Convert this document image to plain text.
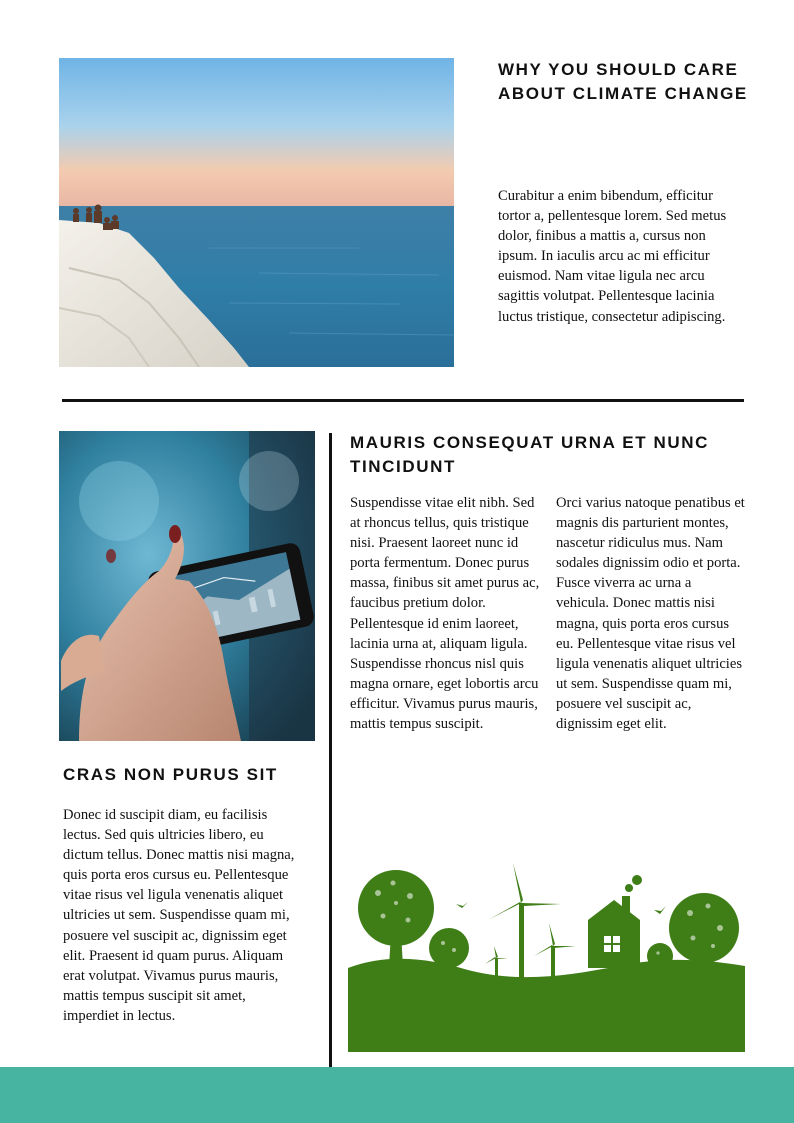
WHY YOU SHOULD CARE ABOUT CLIMATE CHANGE

Curabitur a enim bibendum, efficitur tortor a, pellentesque lorem. Sed metus dolor, finibus a mattis a, cursus non ipsum. In iaculis arcu ac mi efficitur euismod. Nam vitae ligula nec arcu sagittis volutpat. Pellentesque lacinia luctus tristique, consectetur adipiscing.

MAURIS CONSEQUAT URNA ET NUNC TINCIDUNT

Suspendisse vitae elit nibh. Sed at rhoncus tellus, quis tristique nisi. Praesent laoreet nunc id porta fermentum. Donec purus massa, finibus sit amet purus ac, faucibus pretium dolor. Pellentesque id enim laoreet, lacinia urna at, aliquam ligula. Suspendisse rhoncus nisl quis magna ornare, eget lobortis arcu efficitur. Vivamus purus mauris, mattis tempus suscipit.

Orci varius natoque penatibus et magnis dis parturient montes, nascetur ridiculus mus. Nam sodales dignissim odio et porta. Fusce viverra ac urna a vehicula. Donec mattis nisi magna, quis porta eros cursus eu. Pellentesque vitae risus vel ligula venenatis aliquet ultricies ut sem. Suspendisse quam mi, posuere vel suscipit ac, dignissim eget elit.

CRAS NON PURUS SIT

Donec id suscipit diam, eu facilisis lectus. Sed quis ultricies libero, eu dictum tellus. Donec mattis nisi magna, quis porta eros cursus eu. Pellentesque vitae risus vel ligula venenatis aliquet ultricies ut sem. Suspendisse quam mi, posuere vel suscipit ac, dignissim eget elit. Praesent id quam purus. Aliquam erat volutpat. Vivamus purus mauris, mattis tempus suscipit sit amet, imperdiet in lectus.
